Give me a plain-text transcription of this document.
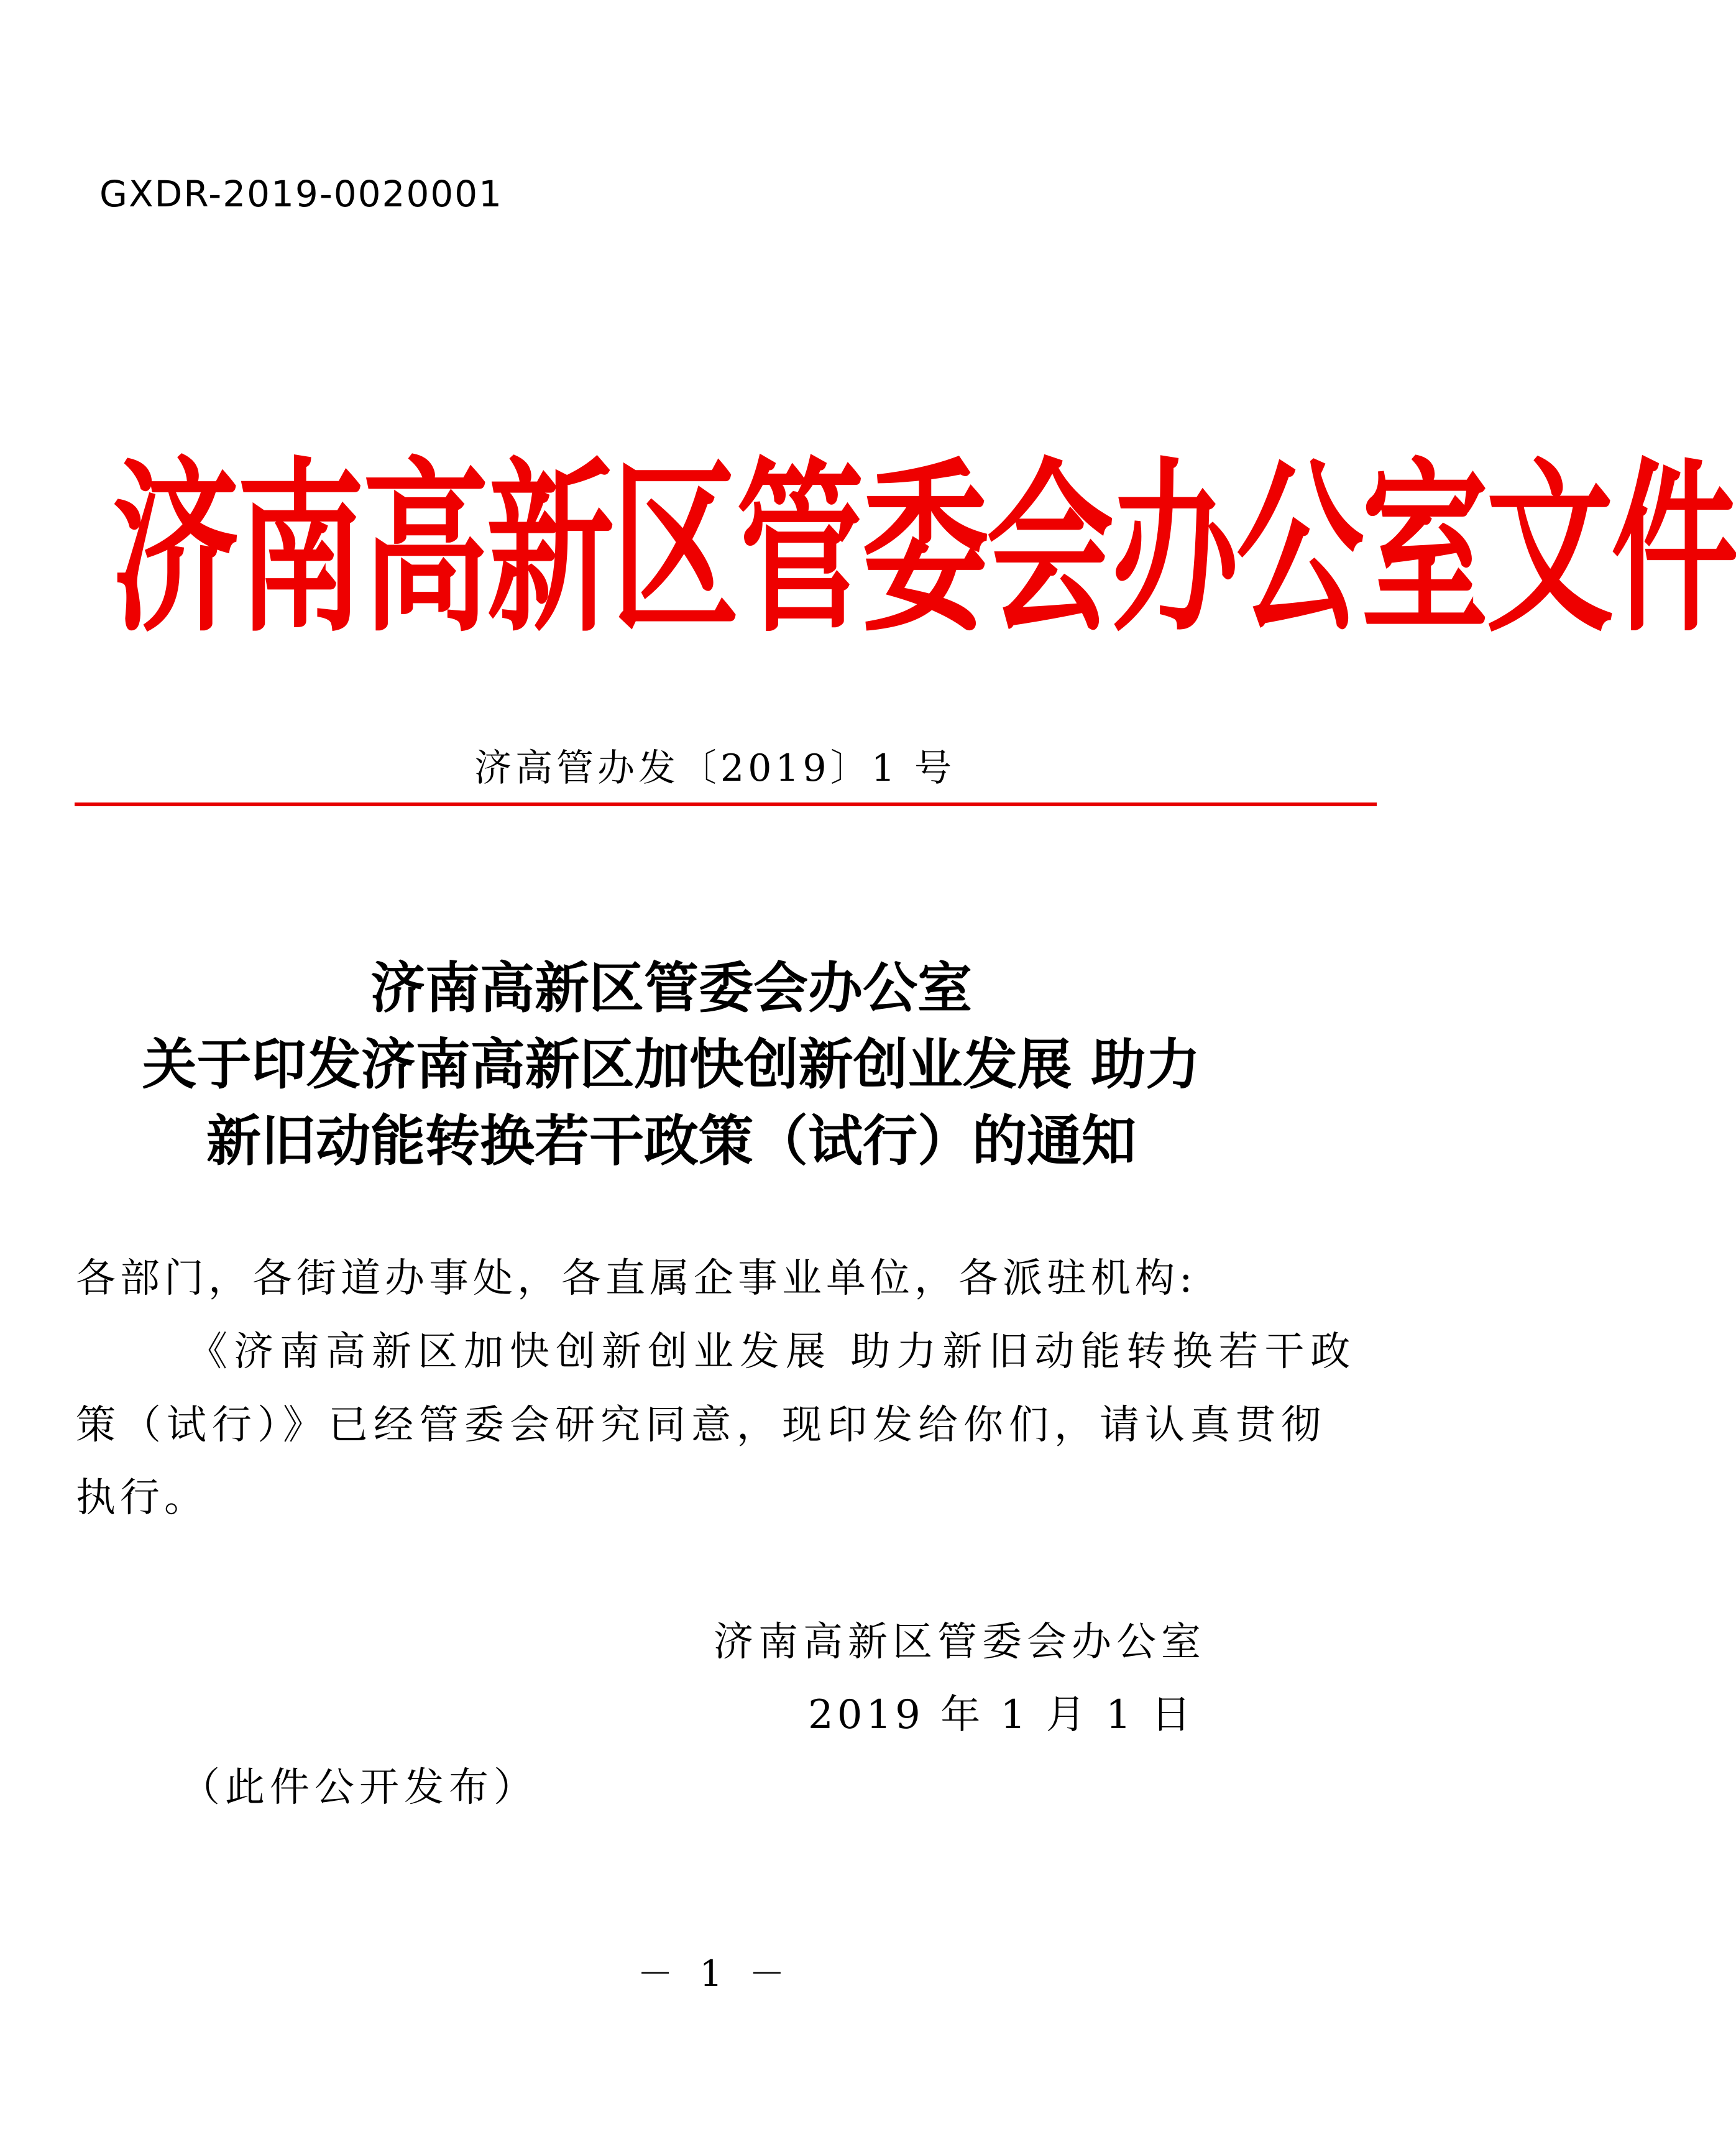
GXDR-2019-0020001
济南高新区管委会办公室文件
济高管办发〔2019〕1 号
济南高新区管委会办公室
关于印发济南高新区加快创新创业发展 助力
新旧动能转换若干政策（试行）的通知
各部门，各街道办事处，各直属企事业单位，各派驻机构:
《济南高新区加快创新创业发展 助力新旧动能转换若干政
策（试行）》已经管委会研究同意，现印发给你们，请认真贯彻
执行。
济南高新区管委会办公室
2019 年 1 月 1 日
（此件公开发布）
－ 1 －
